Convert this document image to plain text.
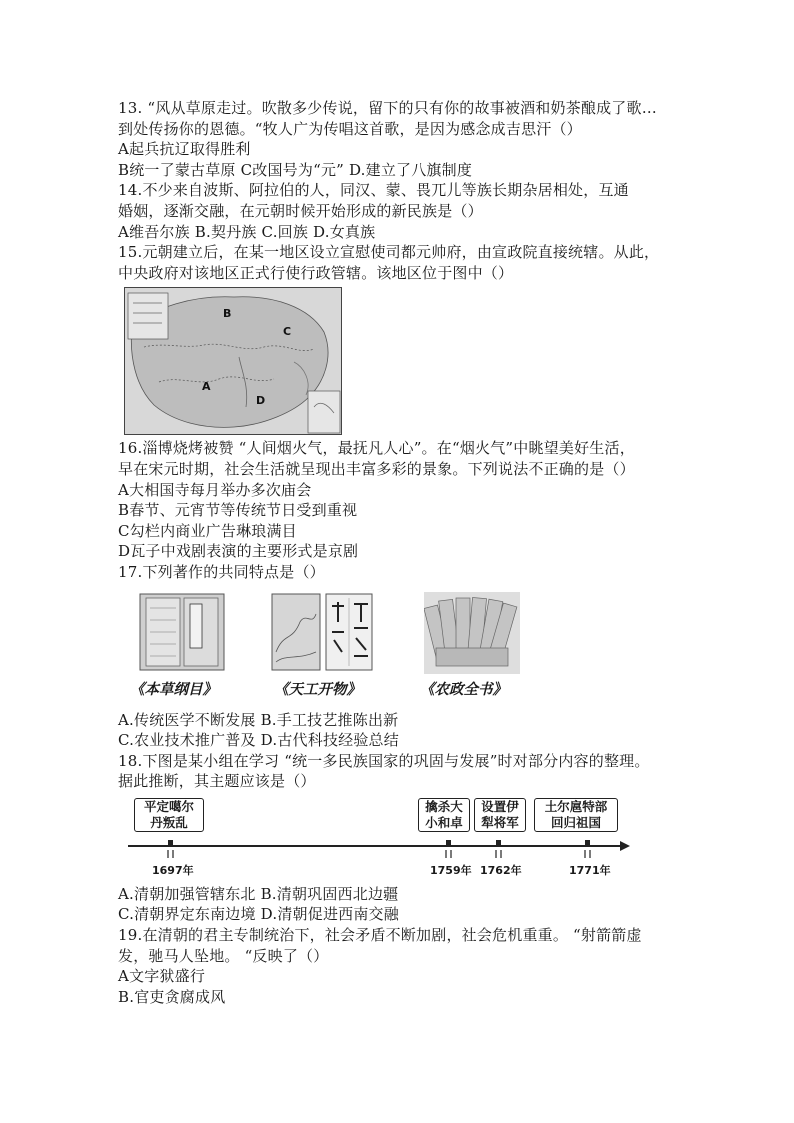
13. “风从草原走过。吹散多少传说，留下的只有你的故事被酒和奶茶酿成了歌…
到处传扬你的恩德。“牧人广为传唱这首歌，是因为感念成吉思汗（）
A起兵抗辽取得胜利
B统一了蒙古草原 C改国号为“元” D.建立了八旗制度
14.不少来自波斯、阿拉伯的人，同汉、蒙、畏兀儿等族长期杂居相处，互通
婚姻，逐渐交融，在元朝时候开始形成的新民族是（）
A维吾尔族 B.契丹族 C.回族 D.女真族
15.元朝建立后，在某一地区设立宣慰使司都元帅府，由宣政院直接统辖。从此，
中央政府对该地区正式行使行政管辖。该地区位于图中（）
B
C
A
D
16.淄博烧烤被赞 “人间烟火气，最抚凡人心”。在“烟火气”中眺望美好生活，
早在宋元时期，社会生活就呈现出丰富多彩的景象。下列说法不正确的是（）
A大相国寺每月举办多次庙会
B春节、元宵节等传统节日受到重视
C勾栏内商业广告琳琅满目
D瓦子中戏剧表演的主要形式是京剧
17.下列著作的共同特点是（）
《本草纲目》	《天工开物》	《农政全书》
A.传统医学不断发展 B.手工技艺推陈出新
C.农业技术推广普及 D.古代科技经验总结
18.下图是某小组在学习 “统一多民族国家的巩固与发展”时对部分内容的整理。
据此推断，其主题应该是（）
平定噶尔
丹叛乱
擒杀大
小和卓
设置伊
犁将军
土尔扈特部
回归祖国
1697年	1759年 1762年	1771年
A.清朝加强管辖东北 B.清朝巩固西北边疆
C.清朝界定东南边境 D.清朝促进西南交融
19.在清朝的君主专制统治下，社会矛盾不断加剧，社会危机重重。 “射箭箭虚
发，驰马人坠地。 “反映了（）
A文字狱盛行
B.官吏贪腐成风
